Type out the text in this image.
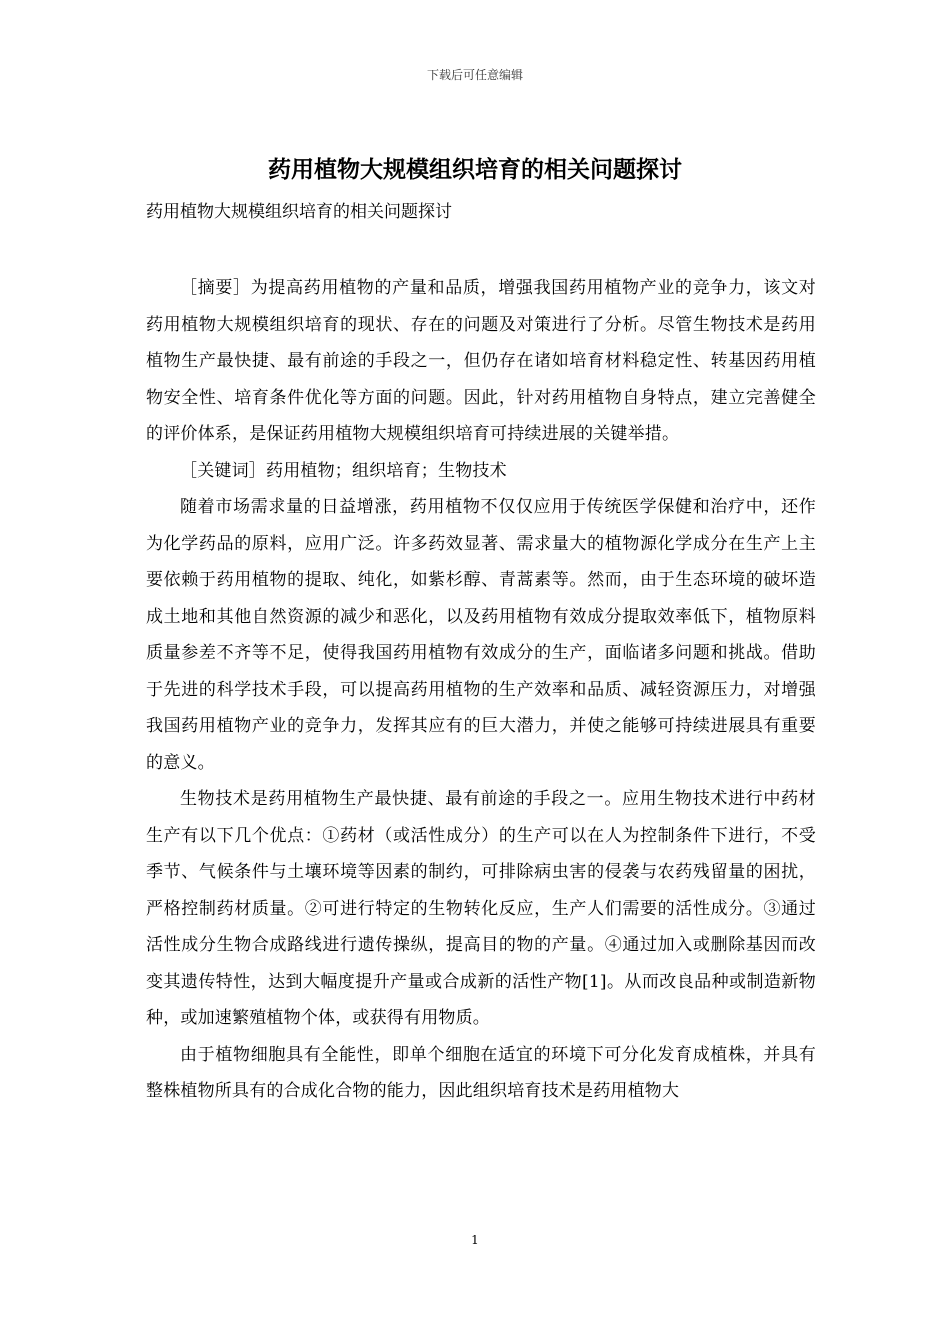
下载后可任意编辑
药用植物大规模组织培育的相关问题探讨

药用植物大规模组织培育的相关问题探讨

［摘要］为提高药用植物的产量和品质，增强我国药用植物产业的竞争力，该文对药用植物大规模组织培育的现状、存在的问题及对策进行了分析。尽管生物技术是药用植物生产最快捷、最有前途的手段之一，但仍存在诸如培育材料稳定性、转基因药用植物安全性、培育条件优化等方面的问题。因此，针对药用植物自身特点，建立完善健全的评价体系，是保证药用植物大规模组织培育可持续进展的关键举措。

［关键词］药用植物；组织培育；生物技术

随着市场需求量的日益增涨，药用植物不仅仅应用于传统医学保健和治疗中，还作为化学药品的原料，应用广泛。许多药效显著、需求量大的植物源化学成分在生产上主要依赖于药用植物的提取、纯化，如紫杉醇、青蒿素等。然而，由于生态环境的破坏造成土地和其他自然资源的减少和恶化，以及药用植物有效成分提取效率低下，植物原料质量参差不齐等不足，使得我国药用植物有效成分的生产，面临诸多问题和挑战。借助于先进的科学技术手段，可以提高药用植物的生产效率和品质、减轻资源压力，对增强我国药用植物产业的竞争力，发挥其应有的巨大潜力，并使之能够可持续进展具有重要的意义。

生物技术是药用植物生产最快捷、最有前途的手段之一。应用生物技术进行中药材生产有以下几个优点：①药材（或活性成分）的生产可以在人为控制条件下进行，不受季节、气候条件与土壤环境等因素的制约，可排除病虫害的侵袭与农药残留量的困扰，严格控制药材质量。②可进行特定的生物转化反应，生产人们需要的活性成分。③通过活性成分生物合成路线进行遗传操纵，提高目的物的产量。④通过加入或删除基因而改变其遗传特性，达到大幅度提升产量或合成新的活性产物[1]。从而改良品种或制造新物种，或加速繁殖植物个体，或获得有用物质。

由于植物细胞具有全能性，即单个细胞在适宜的环境下可分化发育成植株，并具有整株植物所具有的合成化合物的能力，因此组织培育技术是药用植物大

1
